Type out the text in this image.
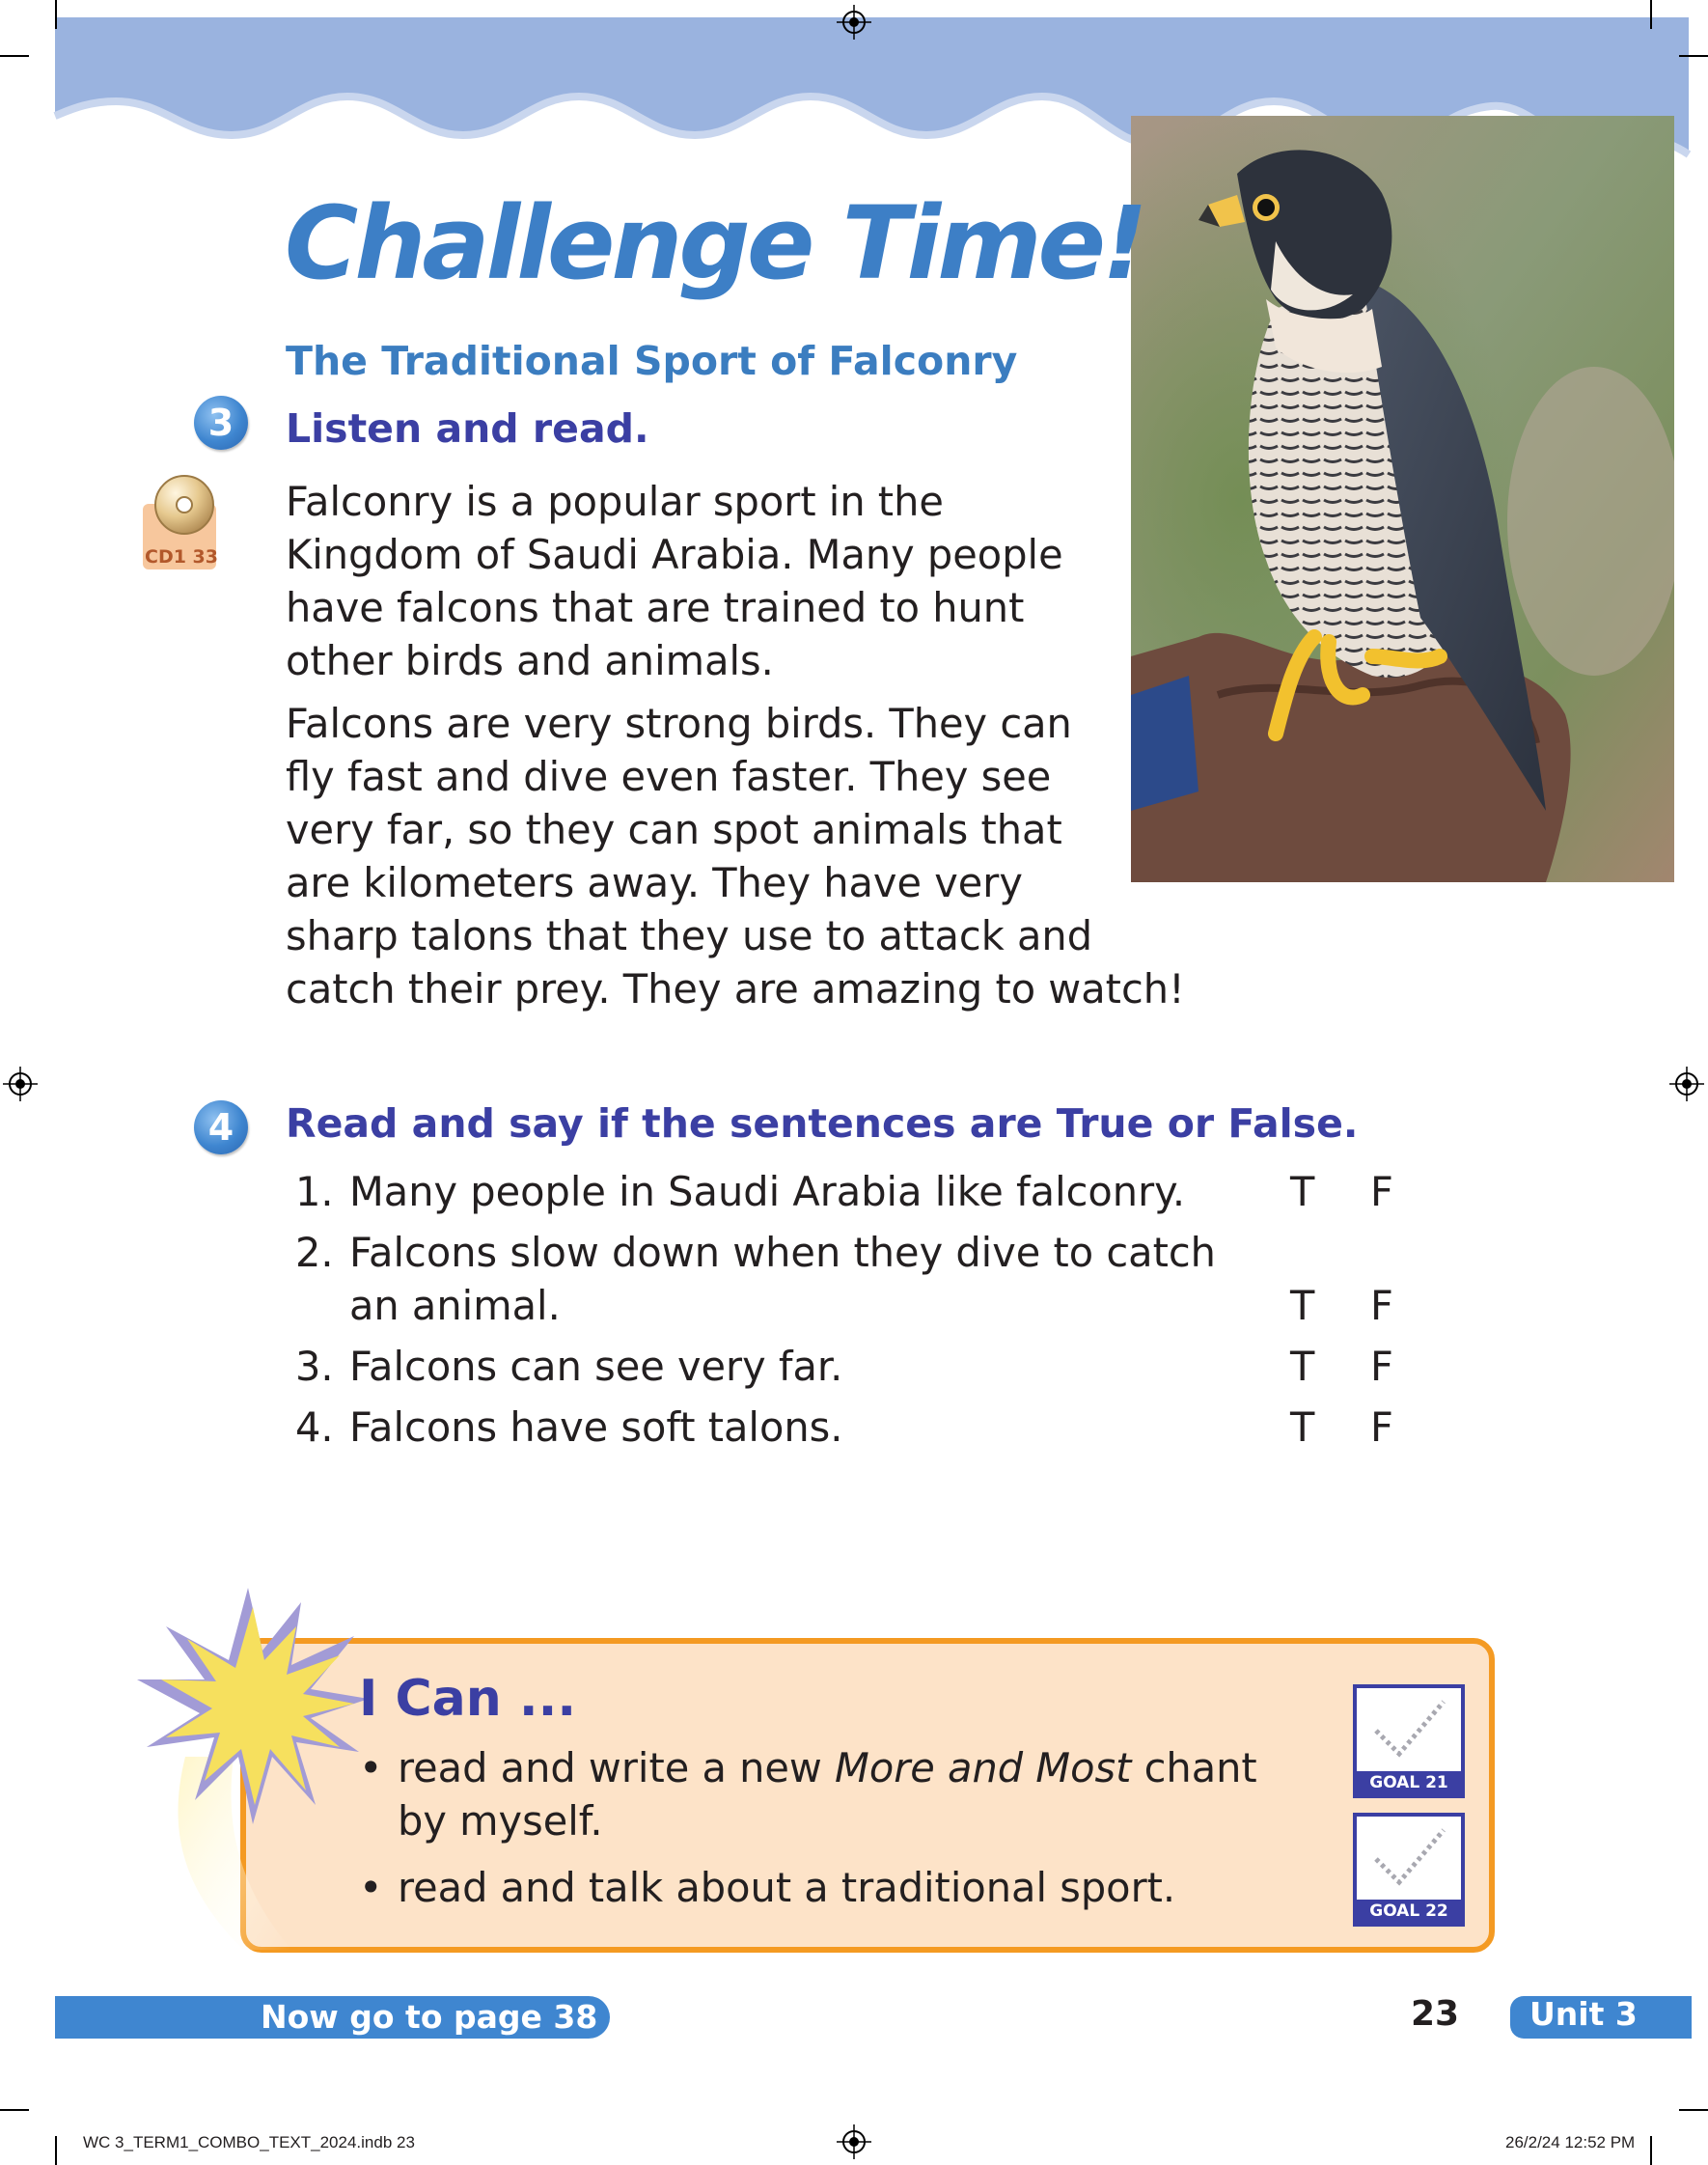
Challenge Time!
The Traditional Sport of Falconry
3	Listen and read.
CD1 33
Falconry is a popular sport in the
Kingdom of Saudi Arabia. Many people
have falcons that are trained to hunt
other birds and animals.
Falcons are very strong birds. They can
fly fast and dive even faster. They see
very far, so they can spot animals that
are kilometers away. They have very
sharp talons that they use to attack and
catch their prey. They are amazing to watch!
4	Read and say if the sentences are True or False.
1. Many people in Saudi Arabia like falconry.	T F
2. Falcons slow down when they dive to catch
an animal.	T F
3. Falcons can see very far.	T F
4. Falcons have soft talons.	T F
I Can ...
• read and write a new More and Most chant
by myself.
• read and talk about a traditional sport.
GOAL 21
GOAL 22
Now go to page 38	23	Unit 3
WC 3_TERM1_COMBO_TEXT_2024.indb 23	26/2/24 12:52 PM
